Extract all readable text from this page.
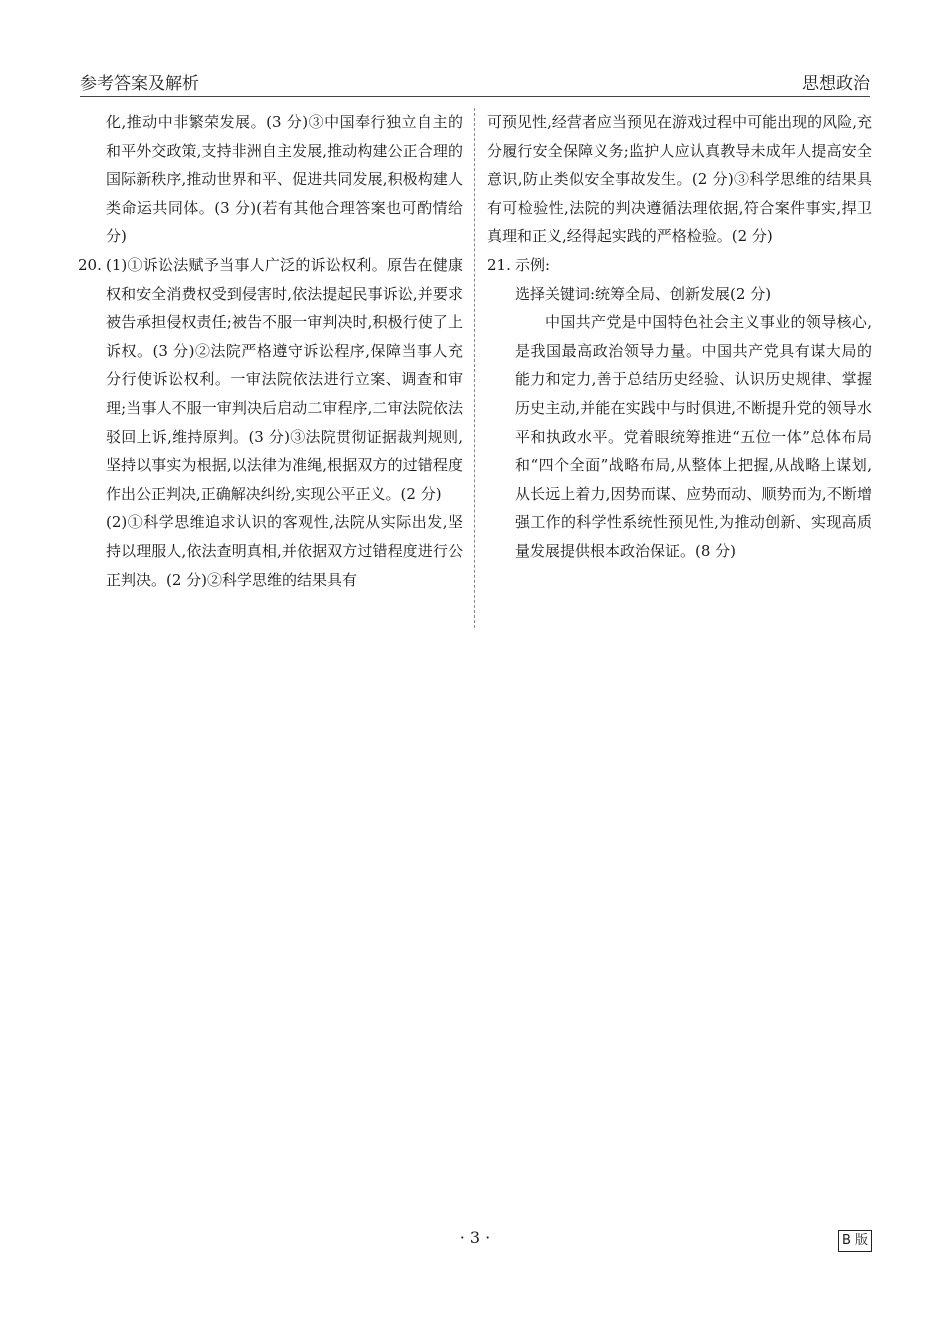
参考答案及解析	思想政治

化,推动中非繁荣发展。(3 分)③中国奉行独立自主的和平外交政策,支持非洲自主发展,推动构建公正合理的国际新秩序,推动世界和平、促进共同发展,积极构建人类命运共同体。(3 分)(若有其他合理答案也可酌情给分)

20. (1)①诉讼法赋予当事人广泛的诉讼权利。原告在健康权和安全消费权受到侵害时,依法提起民事诉讼,并要求被告承担侵权责任;被告不服一审判决时,积极行使了上诉权。(3 分)②法院严格遵守诉讼程序,保障当事人充分行使诉讼权利。一审法院依法进行立案、调查和审理;当事人不服一审判决后启动二审程序,二审法院依法驳回上诉,维持原判。(3 分)③法院贯彻证据裁判规则,坚持以事实为根据,以法律为准绳,根据双方的过错程度作出公正判决,正确解决纠纷,实现公平正义。(2 分)

(2)①科学思维追求认识的客观性,法院从实际出发,坚持以理服人,依法查明真相,并依据双方过错程度进行公正判决。(2 分)②科学思维的结果具有

可预见性,经营者应当预见在游戏过程中可能出现的风险,充分履行安全保障义务;监护人应认真教导未成年人提高安全意识,防止类似安全事故发生。(2 分)③科学思维的结果具有可检验性,法院的判决遵循法理依据,符合案件事实,捍卫真理和正义,经得起实践的严格检验。(2 分)

21. 示例:

选择关键词:统筹全局、创新发展(2 分)

中国共产党是中国特色社会主义事业的领导核心,是我国最高政治领导力量。中国共产党具有谋大局的能力和定力,善于总结历史经验、认识历史规律、掌握历史主动,并能在实践中与时俱进,不断提升党的领导水平和执政水平。党着眼统筹推进“五位一体”总体布局和“四个全面”战略布局,从整体上把握,从战略上谋划,从长远上着力,因势而谋、应势而动、顺势而为,不断增强工作的科学性系统性预见性,为推动创新、实现高质量发展提供根本政治保证。(8 分)

· 3 ·	B 版
